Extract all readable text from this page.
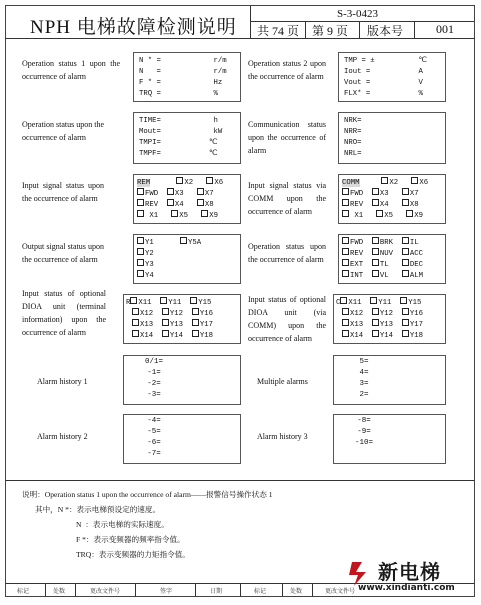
NPH 电梯故障检测说明
S-3-0423
共 74 页 第 9 页 版本号	001
Operation status 1 upon the occurrence of alarm
N * =            r/m
N   =            r/m
F * =            Hz
TRQ =            %
Operation status 2 upon the occurrence of alarm
TMP = ±          ℃
Iout =           A
Vout =           V
FLX* =           %
Operation status upon the occurrence of alarm
TIME=            h
Mout=            kW
TMPI=           ℃
TMPF=           ℃
Communication status upon the occurrence of alarm
NRK=
NRR=
NRO=
NRL=
Input signal status upon the occurrence of alarm
REM	X2	X6
FWD X3	X7
REV X4	X8
X1	X5	X9
Input signal status via COMM upon the occurrence of alarm
COMM	X2	X6
FWD X3	X7
REV X4	X8
X1	X5	X9
Output signal status upon the occurrence of alarm
Y1	Y5A
Y2
Y3
Y4
Operation status upon the occurrence of alarm
FWD BRK IL
REV NUV ACC
EXT TL	DEC
INT VL	ALM
Input status of optional DIOA unit (terminal information) upon the occurrence of alarm
R X11 Y11 Y15
X12 Y12 Y16
X13 Y13 Y17
X14 Y14 Y18
Input status of optional DIOA unit (via COMM) upon the occurrence of alarm
C X11 Y11 Y15
X12 Y12 Y16
X13 Y13 Y17
X14 Y14 Y18
Alarm history 1
0/1=
-1=
-2=
-3=
Multiple alarms
5=
4=
3=
2=
Alarm history 2
-4=
-5=
-6=
-7=
Alarm history 3
-8=
-9=
-10=
说明：Operation status 1 upon the occurrence of alarm——报警信号操作状态 1
其中，N *：表示电梯预设定的速度。
N  ：表示电梯的实际速度。
F *：表示变频器的频率指令值。
TRQ：表示变频器的力矩指令值。
标记	处数	更改文件号	签字	日期	标记	处数	更改文件号
新电梯
www.xindianti.com
